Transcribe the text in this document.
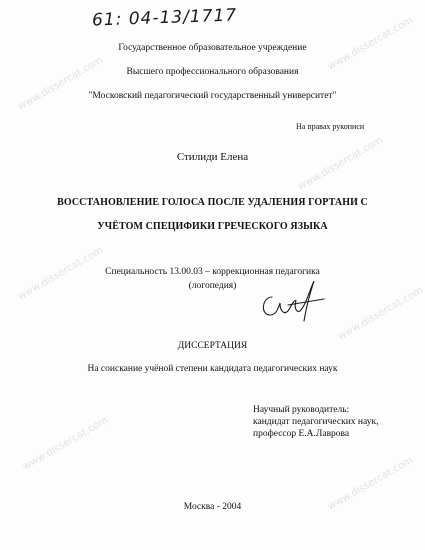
www.dissercat.com
www.dissercat.com
www.dissercat.com
www.dissercat.com
www.dissercat.com
www.dissercat.com
www.dissercat.com
61: 04-13/1717
Государственное образовательное учреждение
Высшего профессионального образования
"Московский педагогический государственный университет"
На правах рукописи
Стилиди Елена
ВОССТАНОВЛЕНИЕ ГОЛОСА ПОСЛЕ УДАЛЕНИЯ ГОРТАНИ С
УЧЁТОМ СПЕЦИФИКИ ГРЕЧЕСКОГО ЯЗЫКА
Специальность 13.00.03 – коррекционная педагогика
(логопедия)
ДИССЕРТАЦИЯ
На соискание учёной степени кандидата педагогических наук
Научный руководитель:
кандидат педагогических наук,
профессор Е.А.Лаврова
Москва - 2004
